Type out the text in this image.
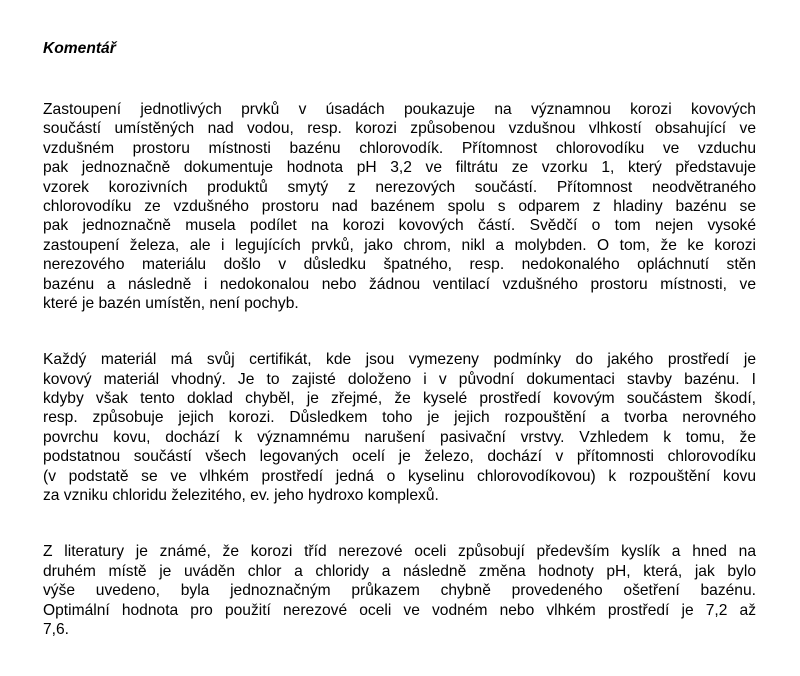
Komentář
Zastoupení jednotlivých prvků v úsadách poukazuje na významnou korozi kovových
součástí umístěných nad vodou, resp. korozi způsobenou vzdušnou vlhkostí obsahující ve
vzdušném prostoru místnosti bazénu chlorovodík. Přítomnost chlorovodíku ve vzduchu
pak jednoznačně dokumentuje hodnota pH 3,2 ve filtrátu ze vzorku 1, který představuje
vzorek korozivních produktů smytý z nerezových součástí. Přítomnost neodvětraného
chlorovodíku ze vzdušného prostoru nad bazénem spolu s odparem z hladiny bazénu se
pak jednoznačně musela podílet na korozi kovových částí. Svědčí o tom nejen vysoké
zastoupení železa, ale i legujících prvků, jako chrom, nikl a molybden. O tom, že ke korozi
nerezového materiálu došlo v důsledku špatného, resp. nedokonalého opláchnutí stěn
bazénu a následně i nedokonalou nebo žádnou ventilací vzdušného prostoru místnosti, ve
které je bazén umístěn, není pochyb.
Každý materiál má svůj certifikát, kde jsou vymezeny podmínky do jakého prostředí je
kovový materiál vhodný. Je to zajisté doloženo i v původní dokumentaci stavby bazénu. I
kdyby však tento doklad chyběl, je zřejmé, že kyselé prostředí kovovým součástem škodí,
resp. způsobuje jejich korozi. Důsledkem toho je jejich rozpouštění a tvorba nerovného
povrchu kovu, dochází k významnému narušení pasivační vrstvy. Vzhledem k tomu, že
podstatnou součástí všech legovaných ocelí je železo, dochází v přítomnosti chlorovodíku
(v podstatě se ve vlhkém prostředí jedná o kyselinu chlorovodíkovou) k rozpouštění kovu
za vzniku chloridu železitého, ev. jeho hydroxo komplexů.
Z literatury je známé, že korozi tříd nerezové oceli způsobují především kyslík a hned na
druhém místě je uváděn chlor a chloridy a následně změna hodnoty pH, která, jak bylo
výše uvedeno, byla jednoznačným průkazem chybně provedeného ošetření bazénu.
Optimální hodnota pro použití nerezové oceli ve vodném nebo vlhkém prostředí je 7,2 až
7,6.
